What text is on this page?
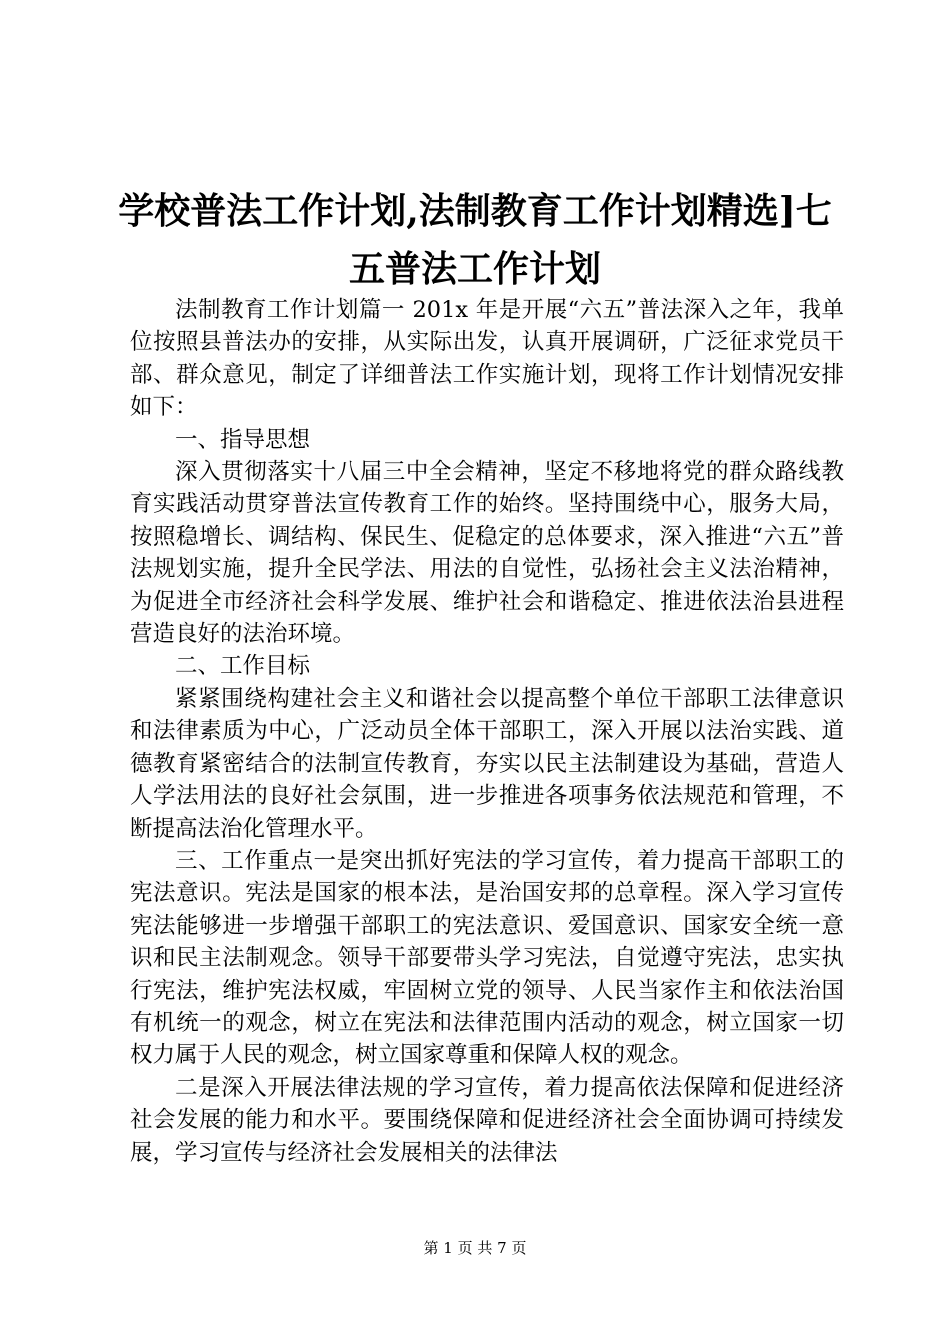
学校普法工作计划,法制教育工作计划精选]七五普法工作计划

法制教育工作计划篇一 201x 年是开展“六五”普法深入之年，我单位按照县普法办的安排，从实际出发，认真开展调研，广泛征求党员干部、群众意见，制定了详细普法工作实施计划，现将工作计划情况安排如下：

一、指导思想

深入贯彻落实十八届三中全会精神，坚定不移地将党的群众路线教育实践活动贯穿普法宣传教育工作的始终。坚持围绕中心，服务大局，按照稳增长、调结构、保民生、促稳定的总体要求，深入推进“六五”普法规划实施，提升全民学法、用法的自觉性，弘扬社会主义法治精神，为促进全市经济社会科学发展、维护社会和谐稳定、推进依法治县进程营造良好的法治环境。

二、工作目标

紧紧围绕构建社会主义和谐社会以提高整个单位干部职工法律意识和法律素质为中心，广泛动员全体干部职工，深入开展以法治实践、道德教育紧密结合的法制宣传教育，夯实以民主法制建设为基础，营造人人学法用法的良好社会氛围，进一步推进各项事务依法规范和管理，不断提高法治化管理水平。

三、工作重点一是突出抓好宪法的学习宣传，着力提高干部职工的宪法意识。宪法是国家的根本法，是治国安邦的总章程。深入学习宣传宪法能够进一步增强干部职工的宪法意识、爱国意识、国家安全统一意识和民主法制观念。领导干部要带头学习宪法，自觉遵守宪法，忠实执行宪法，维护宪法权威，牢固树立党的领导、人民当家作主和依法治国有机统一的观念，树立在宪法和法律范围内活动的观念，树立国家一切权力属于人民的观念，树立国家尊重和保障人权的观念。

二是深入开展法律法规的学习宣传，着力提高依法保障和促进经济社会发展的能力和水平。要围绕保障和促进经济社会全面协调可持续发展，学习宣传与经济社会发展相关的法律法

第 1 页 共 7 页
